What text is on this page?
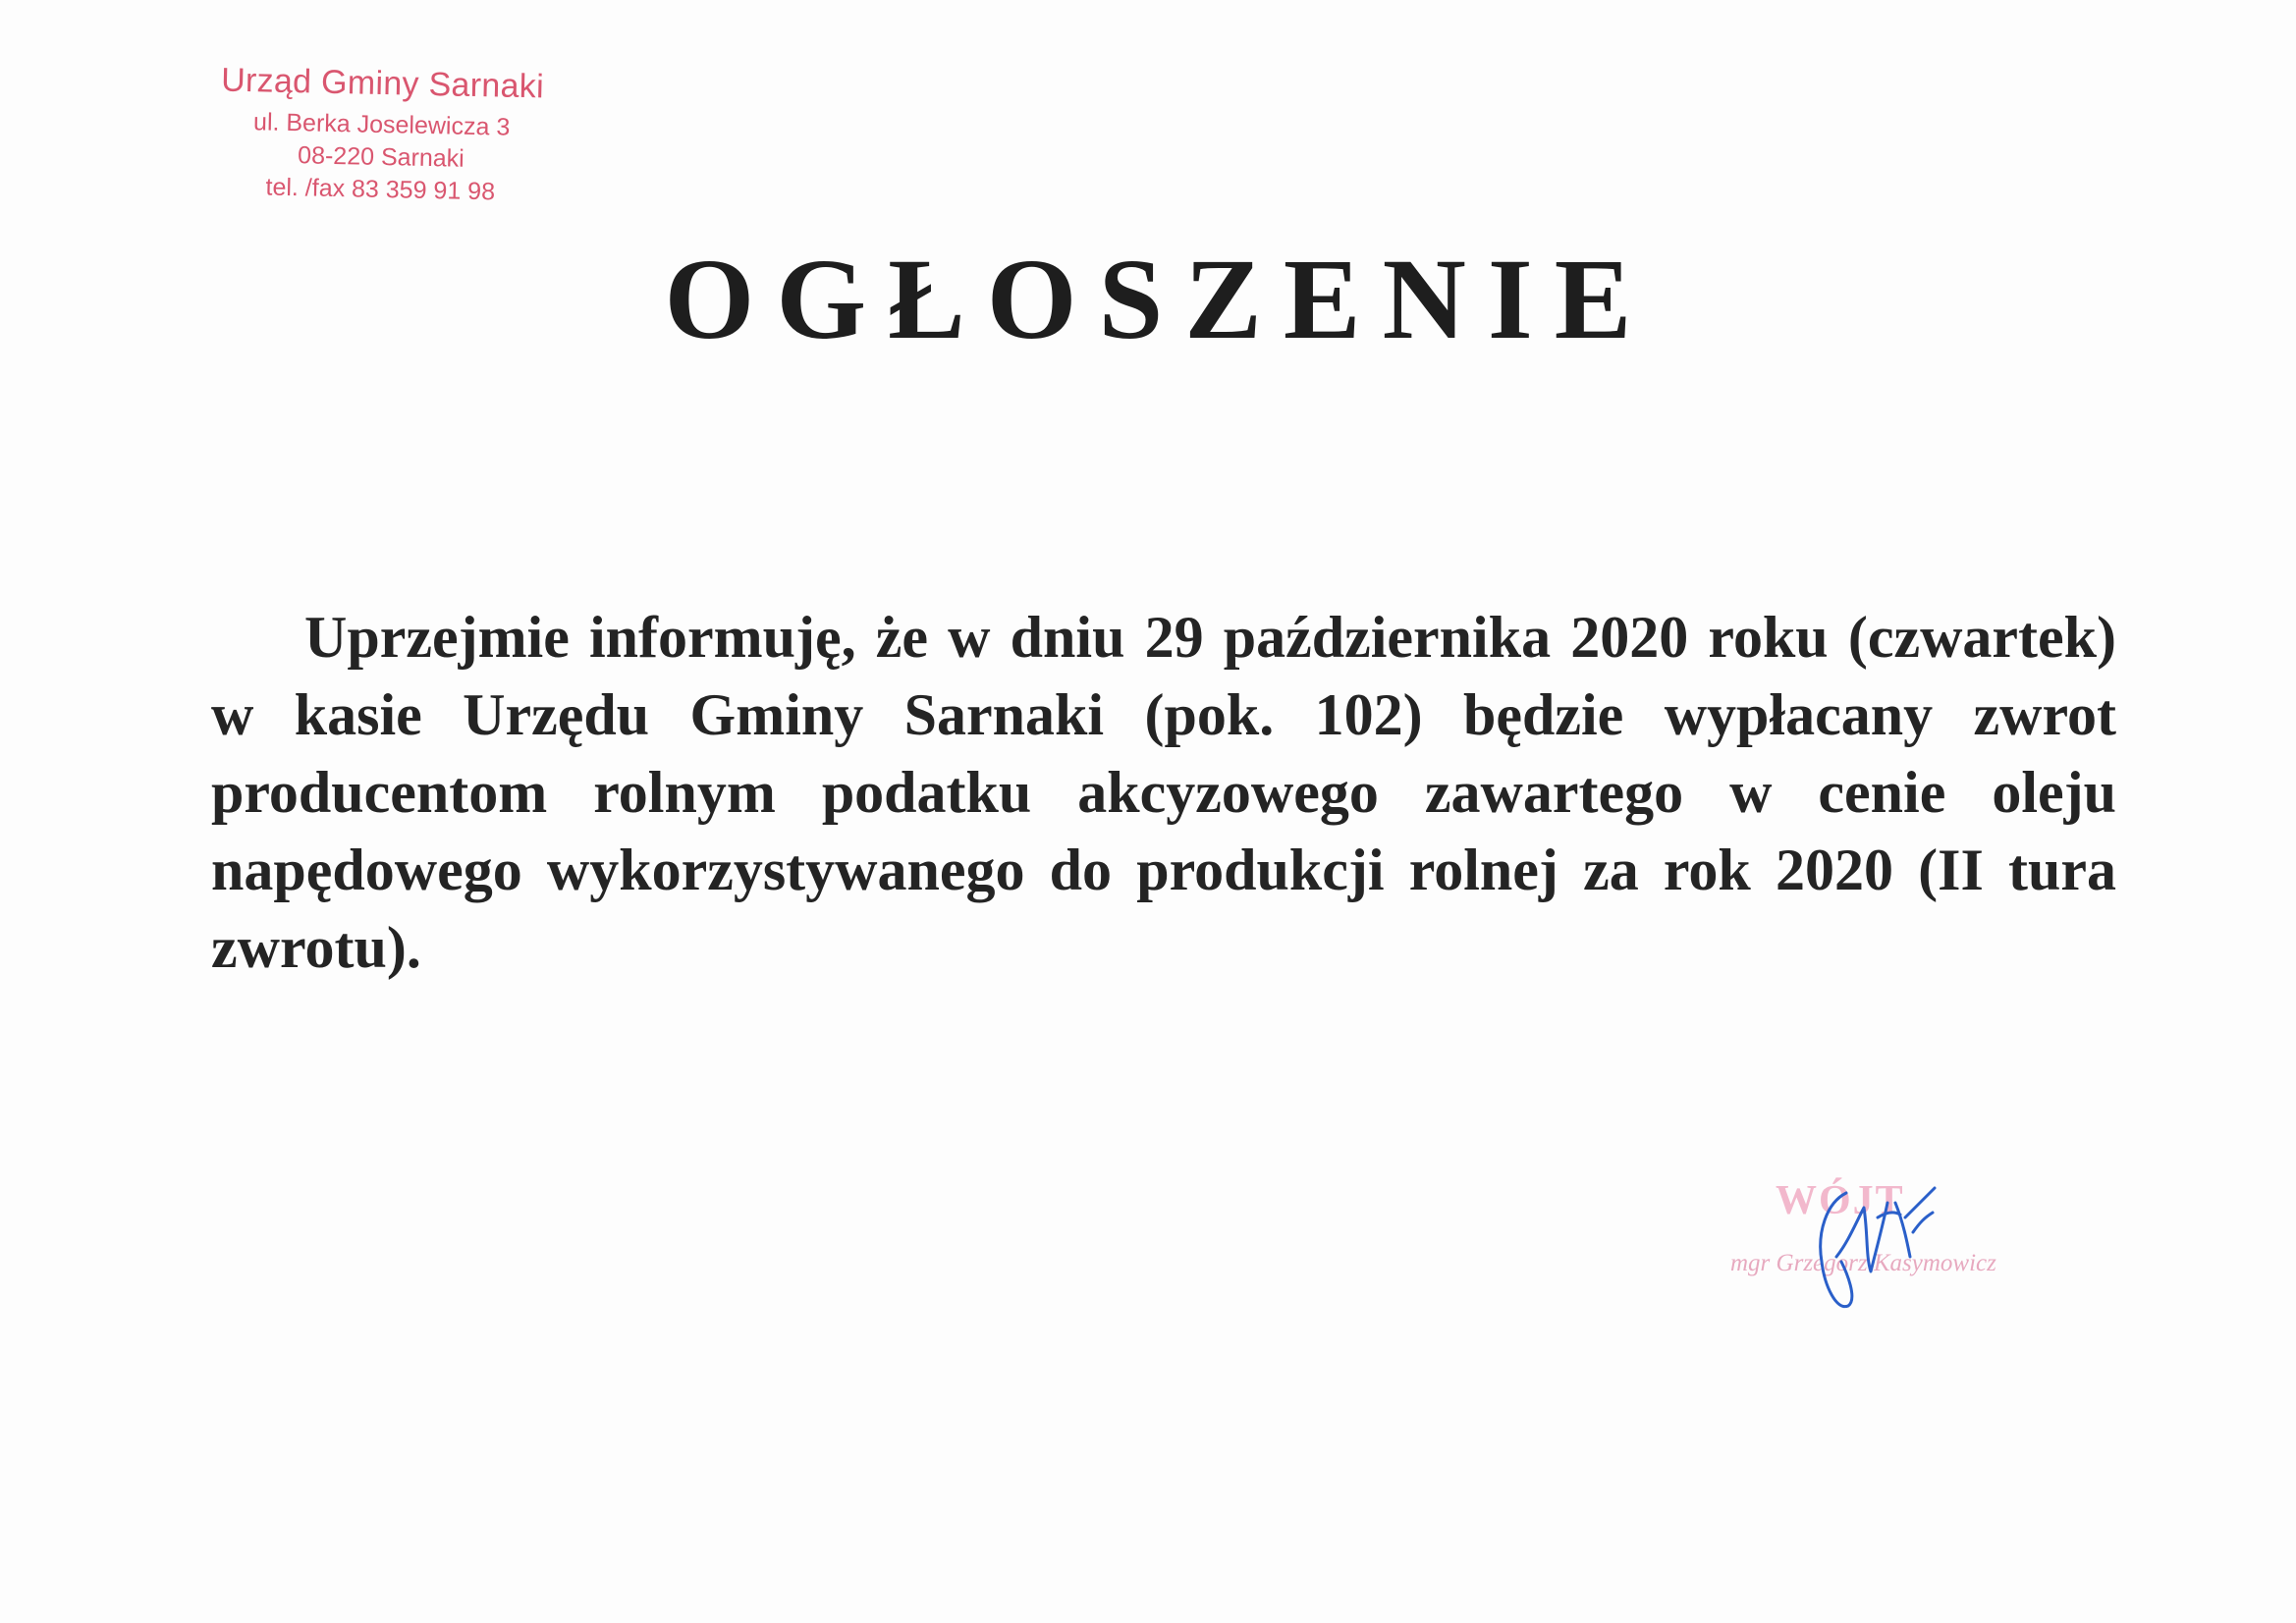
Urząd Gminy Sarnaki
ul. Berka Joselewicza 3
08-220 Sarnaki
tel. /fax 83 359 91 98
OGŁOSZENIE

Uprzejmie informuję, że w dniu 29 października 2020 roku (czwartek) w kasie Urzędu Gminy Sarnaki (pok. 102) będzie wypłacany zwrot producentom rolnym podatku akcyzowego zawartego w cenie oleju napędowego wykorzystywanego do produkcji rolnej za rok 2020 (II tura zwrotu).

WÓJT
mgr Grzegorz Kasymowicz
